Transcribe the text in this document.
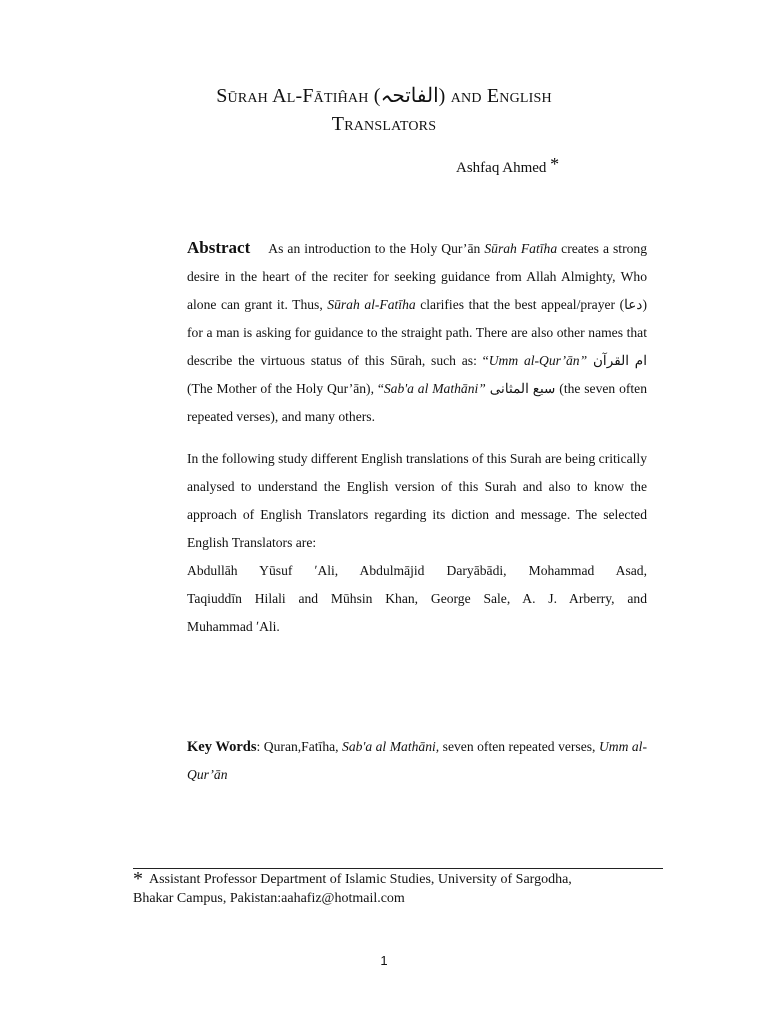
Sūrah Al-Fātiĥah (الفاتحہ) and English
Translators
Ashfaq Ahmed *

Abstract As an introduction to the Holy Qur’ān Sūrah Fatīha creates a strong desire in the heart of the reciter for seeking guidance from Allah Almighty, Who alone can grant it. Thus, Sūrah al-Fatīha clarifies that the best appeal/prayer (دعا) for a man is asking for guidance to the straight path. There are also other names that describe the virtuous status of this Sūrah, such as: “Umm al-Qur’ān” ام القرآن (The Mother of the Holy Qur’ān), “Sab'a al Mathāni” سبع المثانی (the seven often repeated verses), and many others.

In the following study different English translations of this Surah are being critically analysed to understand the English version of this Surah and also to know the approach of English Translators regarding its diction and message. The selected English Translators are:

Abdullāh Yūsuf ʹAli, Abdulmājid Daryābādi, Mohammad Asad,

Taqiuddīn Hilali and Mūhsin Khan, George Sale, A. J. Arberry, and

Muhammad ʹAli.

Key Words: Quran,Fatīha, Sab'a al Mathāni, seven often repeated verses, Umm al-Qur’ān
* Assistant Professor Department of Islamic Studies, University of Sargodha,
Bhakar Campus, Pakistan:aahafiz@hotmail.com
1
